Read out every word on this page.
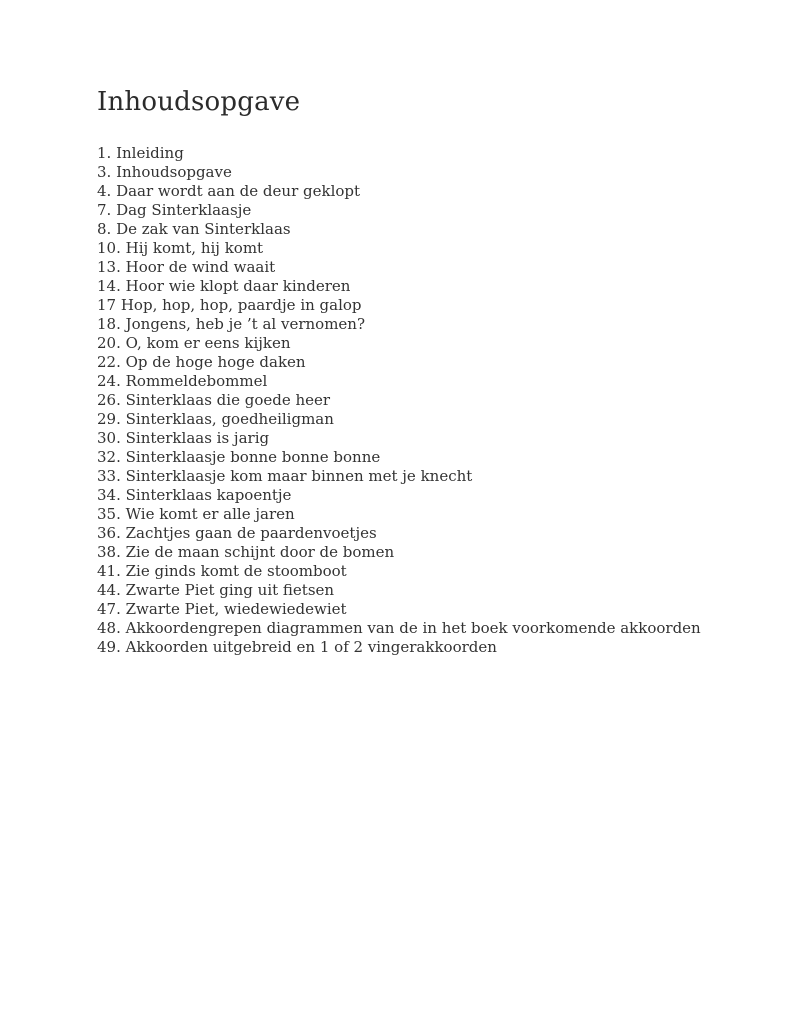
Inhoudsopgave
1. Inleiding
3. Inhoudsopgave
4. Daar wordt aan de deur geklopt
7. Dag Sinterklaasje
8. De zak van Sinterklaas
10. Hij komt, hij komt
13. Hoor de wind waait
14. Hoor wie klopt daar kinderen
17 Hop, hop, hop, paardje in galop
18. Jongens, heb je ’t al vernomen?
20. O, kom er eens kijken
22. Op de hoge hoge daken
24. Rommeldebommel
26. Sinterklaas die goede heer
29. Sinterklaas, goedheiligman
30. Sinterklaas is jarig
32. Sinterklaasje bonne bonne bonne
33. Sinterklaasje kom maar binnen met je knecht
34. Sinterklaas kapoentje
35. Wie komt er alle jaren
36. Zachtjes gaan de paardenvoetjes
38. Zie de maan schijnt door de bomen
41. Zie ginds komt de stoomboot
44. Zwarte Piet ging uit fietsen
47. Zwarte Piet, wiedewiedewiet
48. Akkoordengrepen diagrammen van de in het boek voorkomende akkoorden
49. Akkoorden uitgebreid en 1 of 2 vingerakkoorden
